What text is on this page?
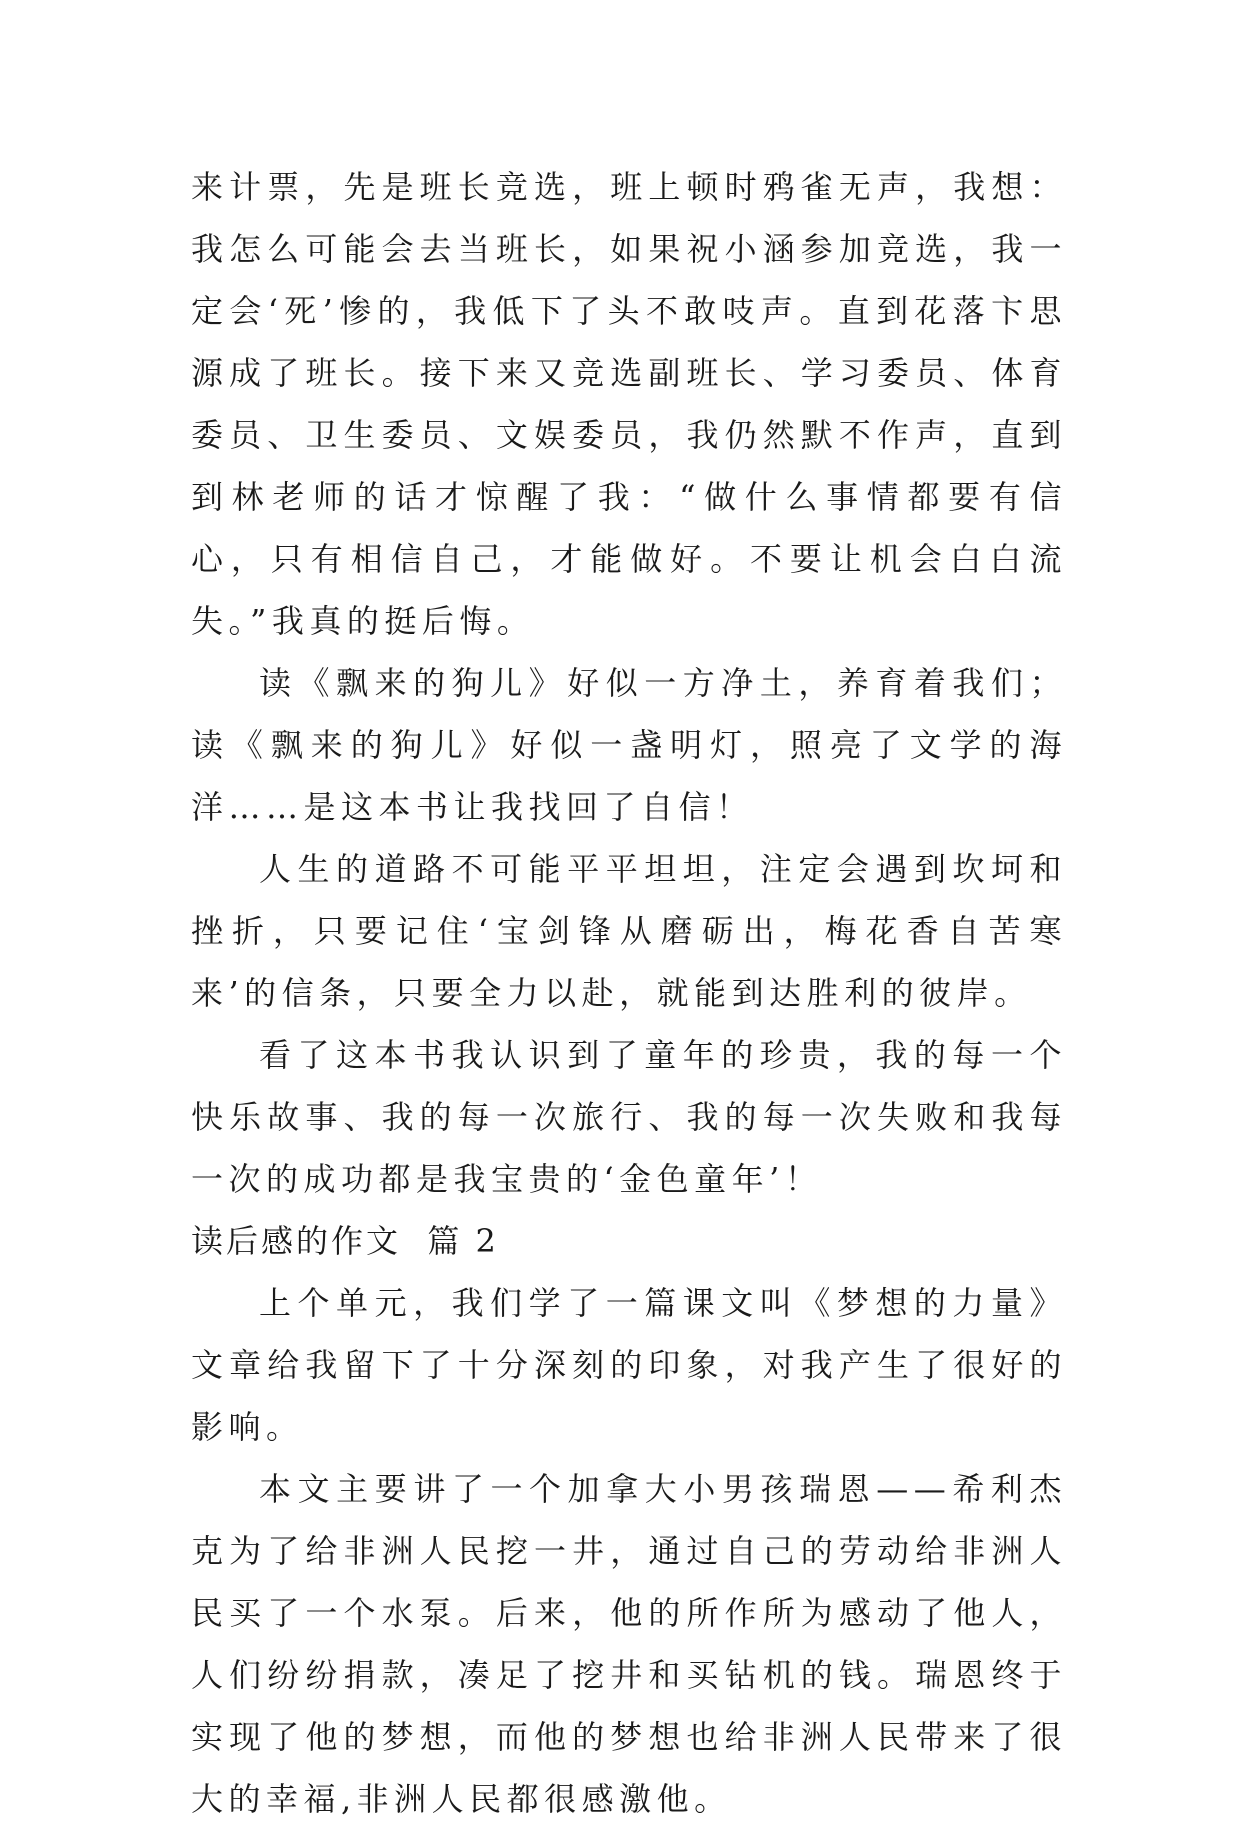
来计票，先是班长竞选，班上顿时鸦雀无声，我想：我怎么可能会去当班长，如果祝小涵参加竞选，我一定会‘死’惨的，我低下了头不敢吱声。直到花落卞思源成了班长。接下来又竞选副班长、学习委员、体育委员、卫生委员、文娱委员，我仍然默不作声，直到到林老师的话才惊醒了我：“做什么事情都要有信心，只有相信自己，才能做好。不要让机会白白流失。”我真的挺后悔。

读《飘来的狗儿》好似一方净土，养育着我们；读《飘来的狗儿》好似一盏明灯，照亮了文学的海洋……是这本书让我找回了自信！

人生的道路不可能平平坦坦，注定会遇到坎坷和挫折，只要记住‘宝剑锋从磨砺出，梅花香自苦寒来’的信条，只要全力以赴，就能到达胜利的彼岸。

看了这本书我认识到了童年的珍贵，我的每一个快乐故事、我的每一次旅行、我的每一次失败和我每一次的成功都是我宝贵的‘金色童年’！

读后感的作文  篇 2

上个单元，我们学了一篇课文叫《梦想的力量》文章给我留下了十分深刻的印象，对我产生了很好的影响。

本文主要讲了一个加拿大小男孩瑞恩——希利杰克为了给非洲人民挖一井，通过自己的劳动给非洲人民买了一个水泵。后来，他的所作所为感动了他人，人们纷纷捐款，凑足了挖井和买钻机的钱。瑞恩终于实现了他的梦想，而他的梦想也给非洲人民带来了很大的幸福,非洲人民都很感激他。
